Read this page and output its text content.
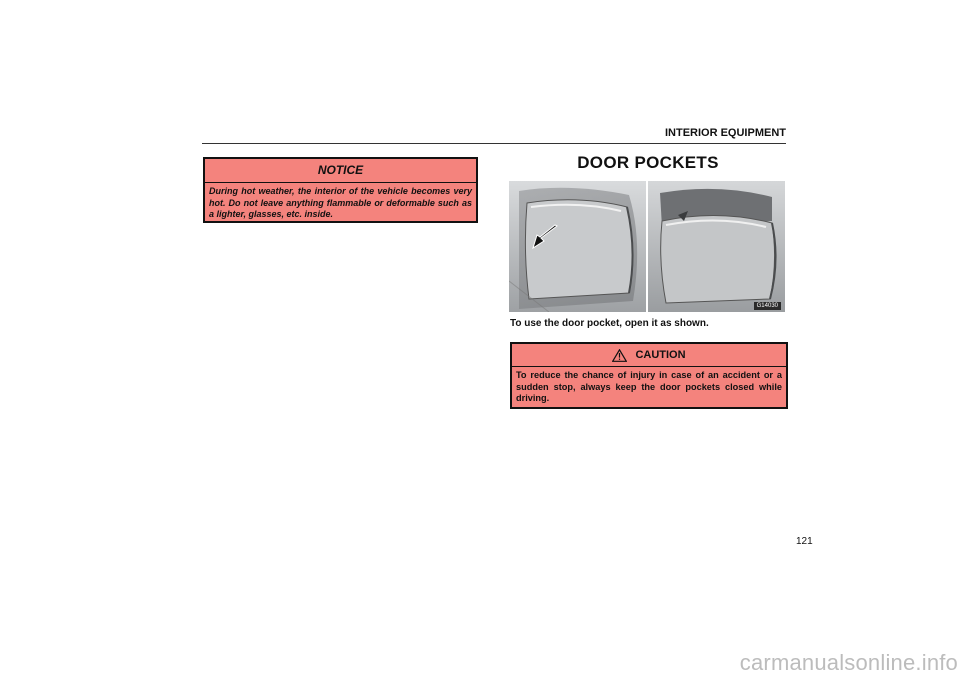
INTERIOR EQUIPMENT
NOTICE
During hot weather, the interior of the vehicle becomes very hot. Do not leave anything flammable or deformable such as a lighter, glasses, etc. inside.
DOOR POCKETS
G14030
To use the door pocket, open it as shown.
CAUTION
To reduce the chance of injury in case of an accident or a sudden stop, always keep the door pockets closed while driving.
121
carmanualsonline.info
